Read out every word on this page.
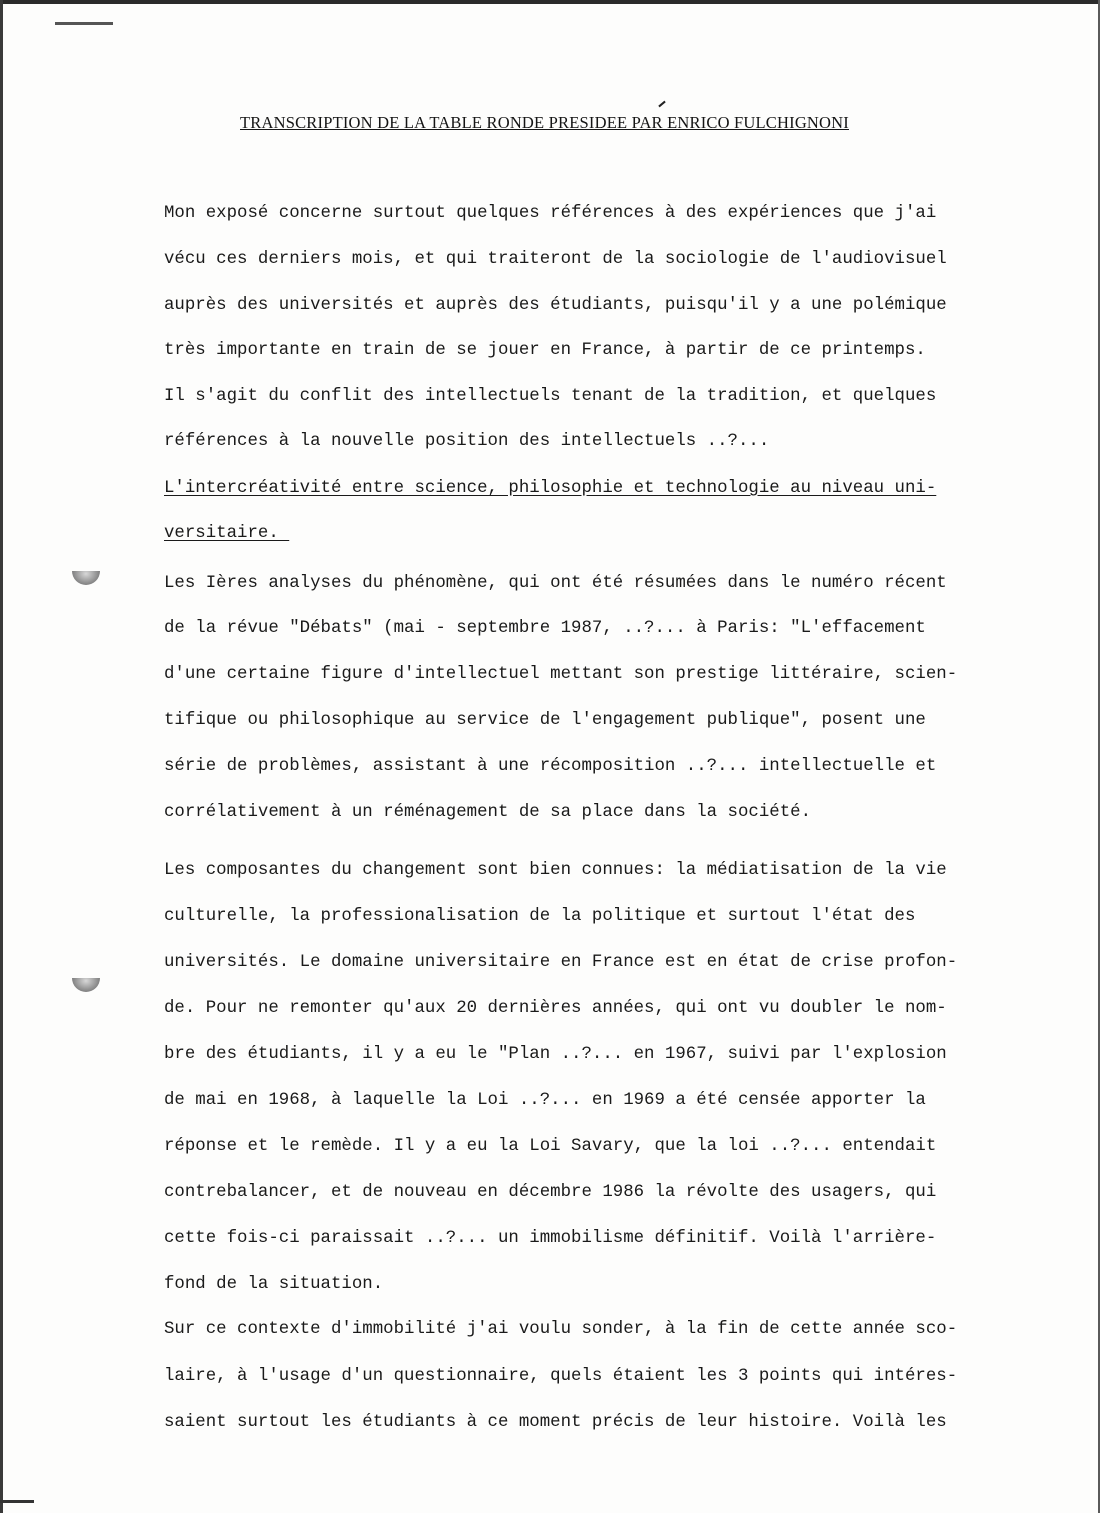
TRANSCRIPTION DE LA TABLE RONDE PRESIDEE PAR ENRICO FULCHIGNONI
Mon exposé concerne surtout quelques références à des expériences que j'ai
vécu ces derniers mois, et qui traiteront de la sociologie de l'audiovisuel
auprès des universités et auprès des étudiants, puisqu'il y a une polémique
très importante en train de se jouer en France, à partir de ce printemps.
Il s'agit du conflit des intellectuels tenant de la tradition, et quelques
références à la nouvelle position des intellectuels ..?...
L'intercréativité entre science, philosophie et technologie au niveau uni-
versitaire.
Les Ières analyses du phénomène, qui ont été résumées dans le numéro récent
de la révue "Débats" (mai - septembre 1987, ..?... à Paris: "L'effacement
d'une certaine figure d'intellectuel mettant son prestige littéraire, scien-
tifique ou philosophique au service de l'engagement publique", posent une
série de problèmes, assistant à une récomposition ..?... intellectuelle et
corrélativement à un réménagement de sa place dans la société.
Les composantes du changement sont bien connues: la médiatisation de la vie
culturelle, la professionalisation de la politique et surtout l'état des
universités. Le domaine universitaire en France est en état de crise profon-
de. Pour ne remonter qu'aux 20 dernières années, qui ont vu doubler le nom-
bre des étudiants, il y a eu le "Plan ..?... en 1967, suivi par l'explosion
de mai en 1968, à laquelle la Loi ..?... en 1969 a été censée apporter la
réponse et le remède. Il y a eu la Loi Savary, que la loi ..?... entendait
contrebalancer, et de nouveau en décembre 1986 la révolte des usagers, qui
cette fois-ci paraissait ..?... un immobilisme définitif. Voilà l'arrière-
fond de la situation.
Sur ce contexte d'immobilité j'ai voulu sonder, à la fin de cette année sco-
laire, à l'usage d'un questionnaire, quels étaient les 3 points qui intéres-
saient surtout les étudiants à ce moment précis de leur histoire. Voilà les
